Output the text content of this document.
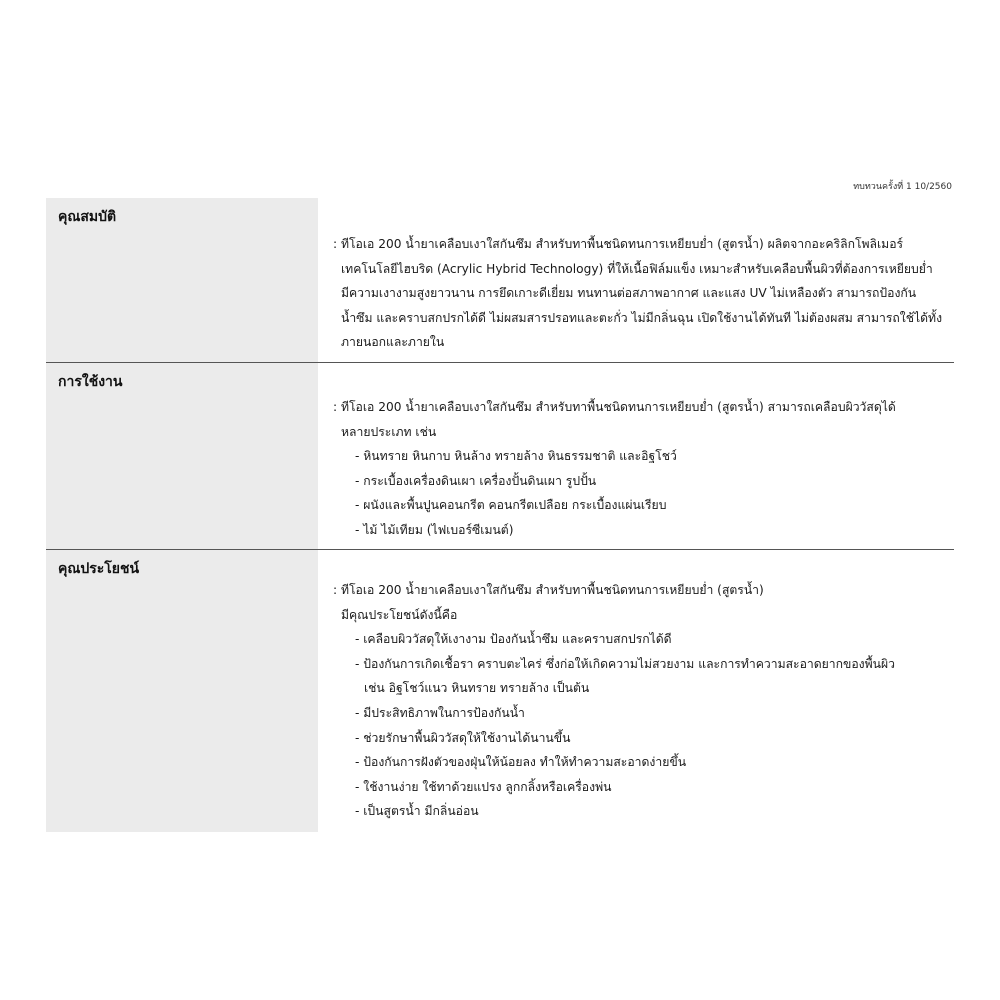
ทบทวนครั้งที่ 1 10/2560
คุณสมบัติ

: ทีโอเอ 200 น้ำยาเคลือบเงาใสกันซึม สำหรับทาพื้นชนิดทนการเหยียบย่ำ (สูตรน้ำ) ผลิตจากอะคริลิกโพลิเมอร์
เทคโนโลยีไฮบริด (Acrylic Hybrid Technology) ที่ให้เนื้อฟิล์มแข็ง เหมาะสำหรับเคลือบพื้นผิวที่ต้องการเหยียบย่ำ
มีความเงางามสูงยาวนาน การยึดเกาะดีเยี่ยม ทนทานต่อสภาพอากาศ และแสง UV ไม่เหลืองตัว สามารถป้องกัน
น้ำซึม และคราบสกปรกได้ดี ไม่ผสมสารปรอทและตะกั่ว ไม่มีกลิ่นฉุน เปิดใช้งานได้ทันที ไม่ต้องผสม สามารถใช้ได้ทั้ง
ภายนอกและภายใน

การใช้งาน

: ทีโอเอ 200 น้ำยาเคลือบเงาใสกันซึม สำหรับทาพื้นชนิดทนการเหยียบย่ำ (สูตรน้ำ) สามารถเคลือบผิววัสดุได้
หลายประเภท เช่น

- หินทราย หินกาบ หินล้าง ทรายล้าง หินธรรมชาติ และอิฐโชว์
- กระเบื้องเครื่องดินเผา เครื่องปั้นดินเผา รูปปั้น
- ผนังและพื้นปูนคอนกรีต คอนกรีตเปลือย กระเบื้องแผ่นเรียบ
- ไม้ ไม้เทียม (ไฟเบอร์ซีเมนต์)
คุณประโยชน์

: ทีโอเอ 200 น้ำยาเคลือบเงาใสกันซึม สำหรับทาพื้นชนิดทนการเหยียบย่ำ (สูตรน้ำ)
มีคุณประโยชน์ดังนี้คือ

- เคลือบผิววัสดุให้เงางาม ป้องกันน้ำซึม และคราบสกปรกได้ดี
- ป้องกันการเกิดเชื้อรา คราบตะไคร่ ซึ่งก่อให้เกิดความไม่สวยงาม และการทำความสะอาดยากของพื้นผิว
เช่น อิฐโชว์แนว หินทราย ทรายล้าง เป็นต้น
- มีประสิทธิภาพในการป้องกันน้ำ
- ช่วยรักษาพื้นผิววัสดุให้ใช้งานได้นานขึ้น
- ป้องกันการฝังตัวของฝุ่นให้น้อยลง ทำให้ทำความสะอาดง่ายขึ้น
- ใช้งานง่าย ใช้ทาด้วยแปรง ลูกกลิ้งหรือเครื่องพ่น
- เป็นสูตรน้ำ มีกลิ่นอ่อน
